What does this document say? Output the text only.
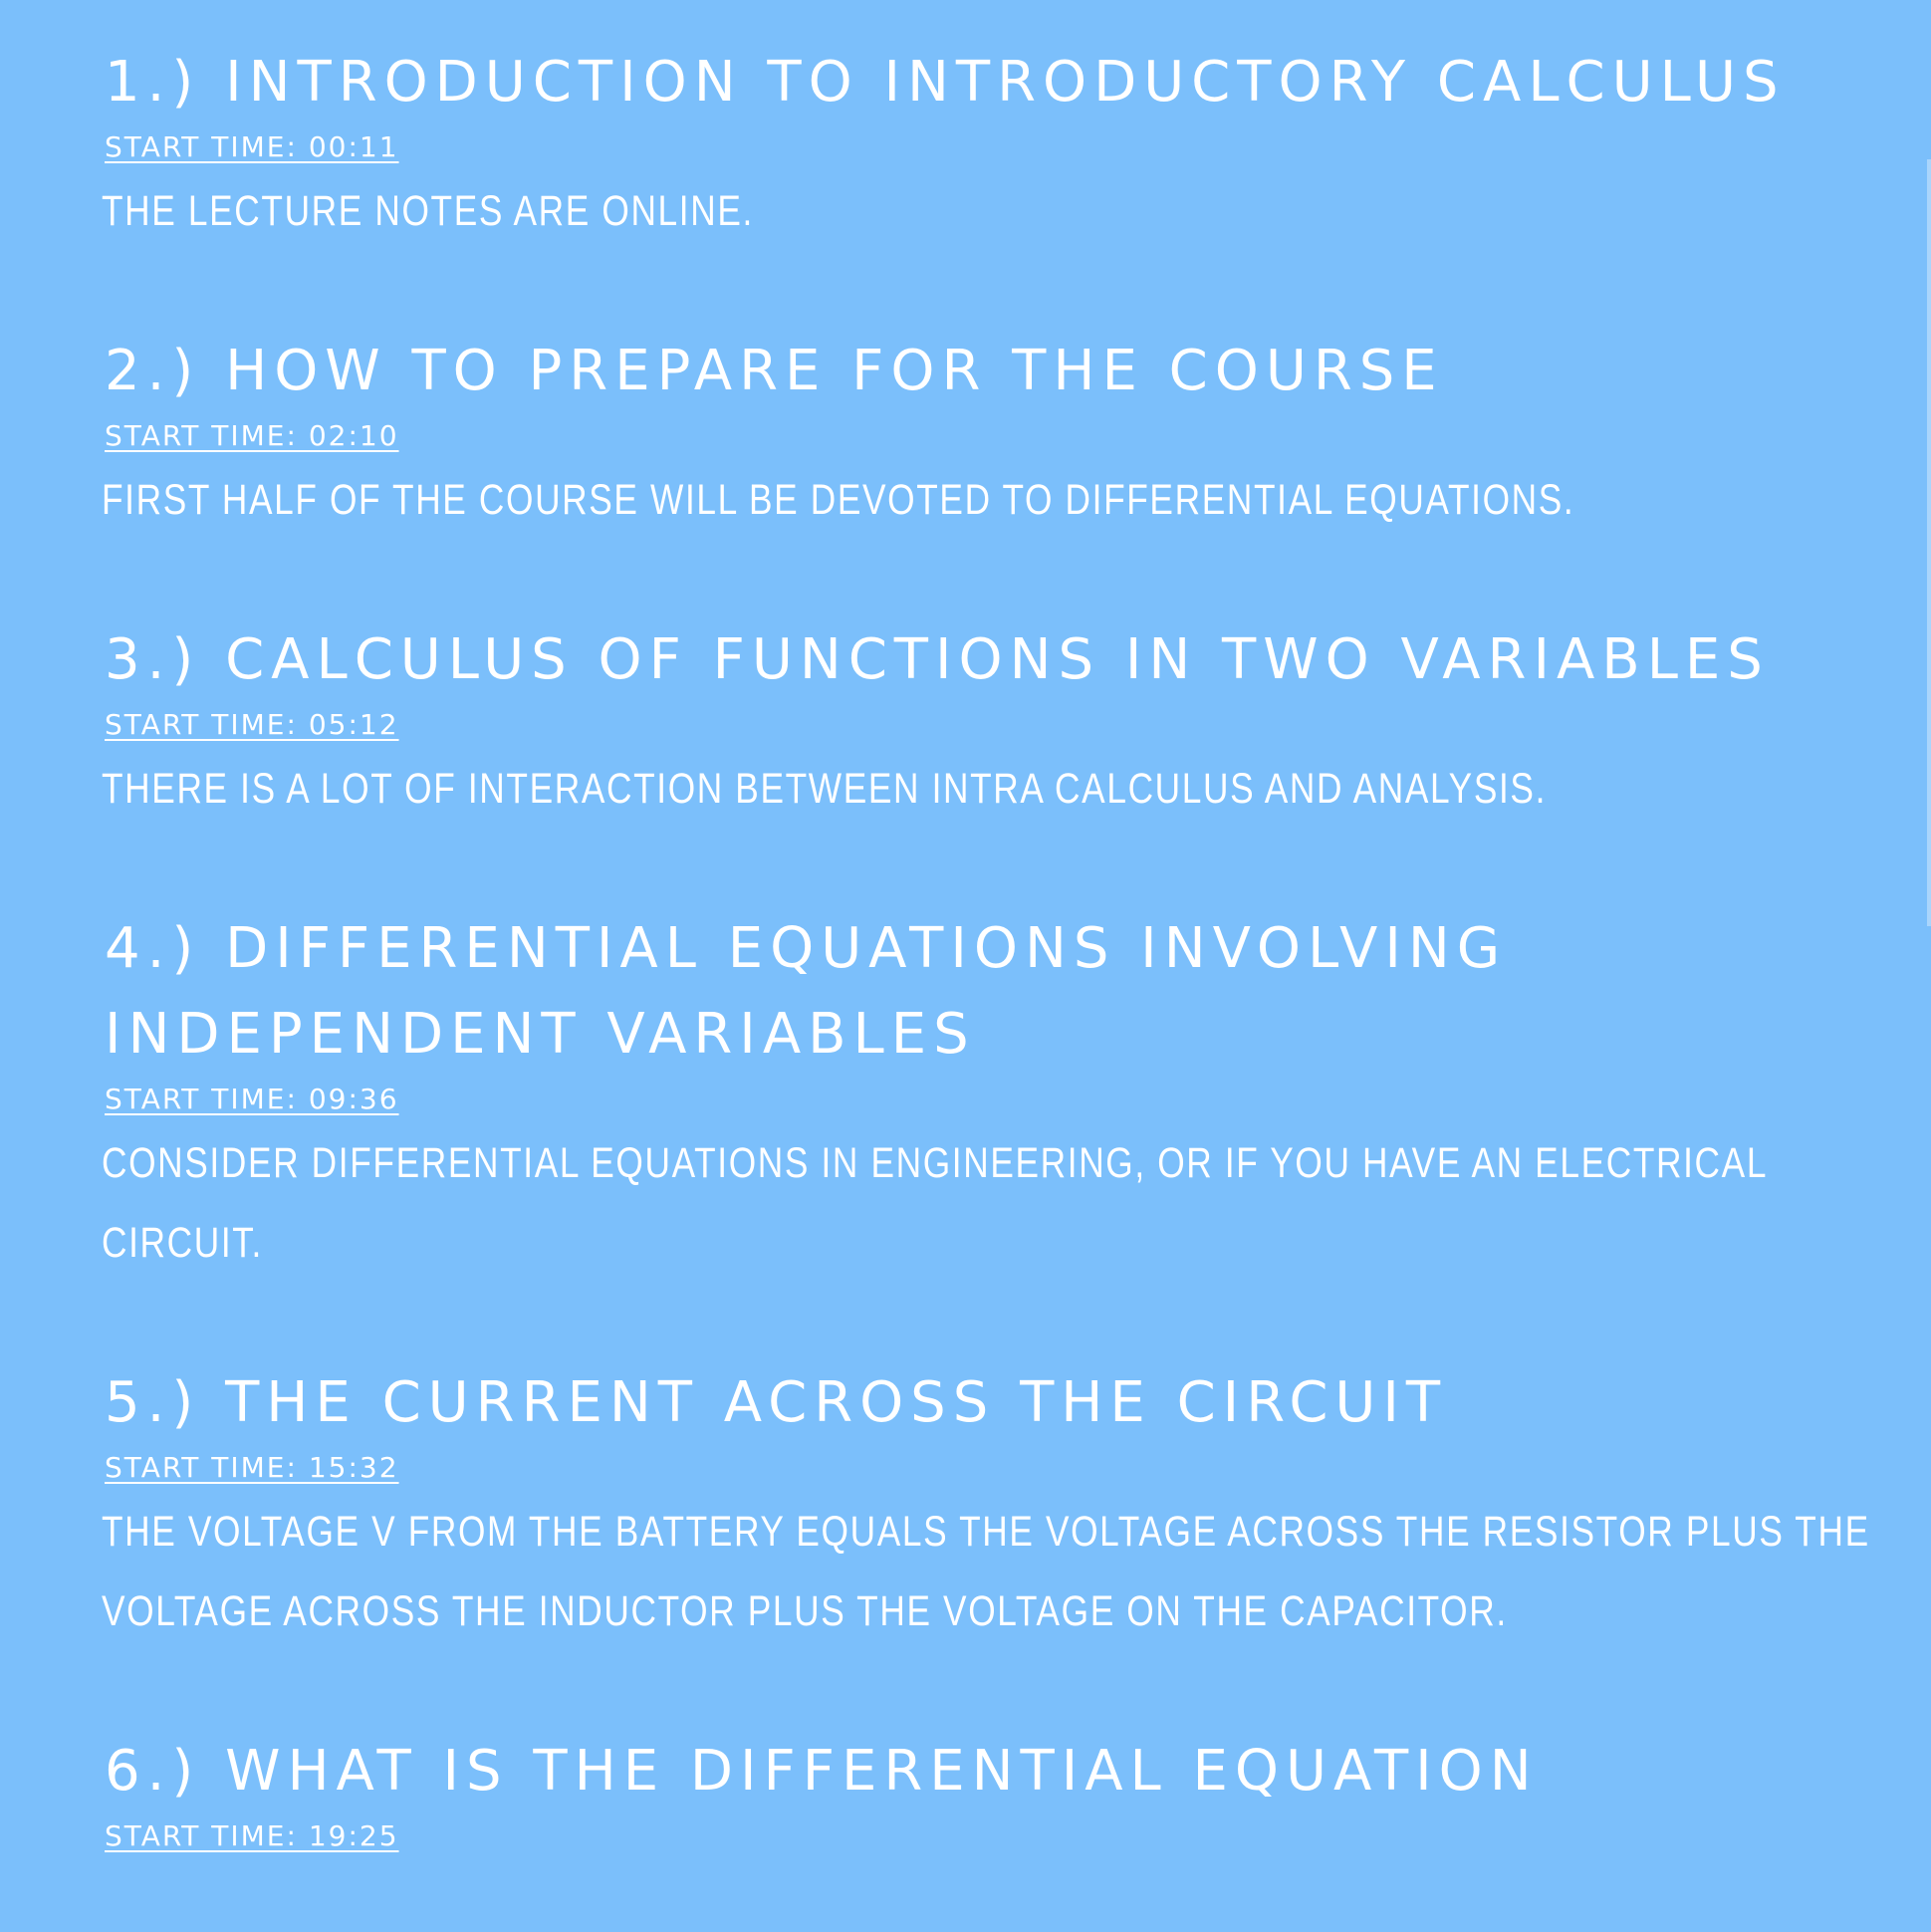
1.) INTRODUCTION TO INTRODUCTORY CALCULUS
START TIME: 00:11

THE LECTURE NOTES ARE ONLINE.

2.) HOW TO PREPARE FOR THE COURSE
START TIME: 02:10

FIRST HALF OF THE COURSE WILL BE DEVOTED TO DIFFERENTIAL EQUATIONS.

3.) CALCULUS OF FUNCTIONS IN TWO VARIABLES
START TIME: 05:12

THERE IS A LOT OF INTERACTION BETWEEN INTRA CALCULUS AND ANALYSIS.

4.) DIFFERENTIAL EQUATIONS INVOLVING INDEPENDENT VARIABLES
START TIME: 09:36

CONSIDER DIFFERENTIAL EQUATIONS IN ENGINEERING, OR IF YOU HAVE AN ELECTRICAL CIRCUIT.

5.) THE CURRENT ACROSS THE CIRCUIT
START TIME: 15:32

THE VOLTAGE V FROM THE BATTERY EQUALS THE VOLTAGE ACROSS THE RESISTOR PLUS THE VOLTAGE ACROSS THE INDUCTOR PLUS THE VOLTAGE ON THE CAPACITOR.

6.) WHAT IS THE DIFFERENTIAL EQUATION
START TIME: 19:25
